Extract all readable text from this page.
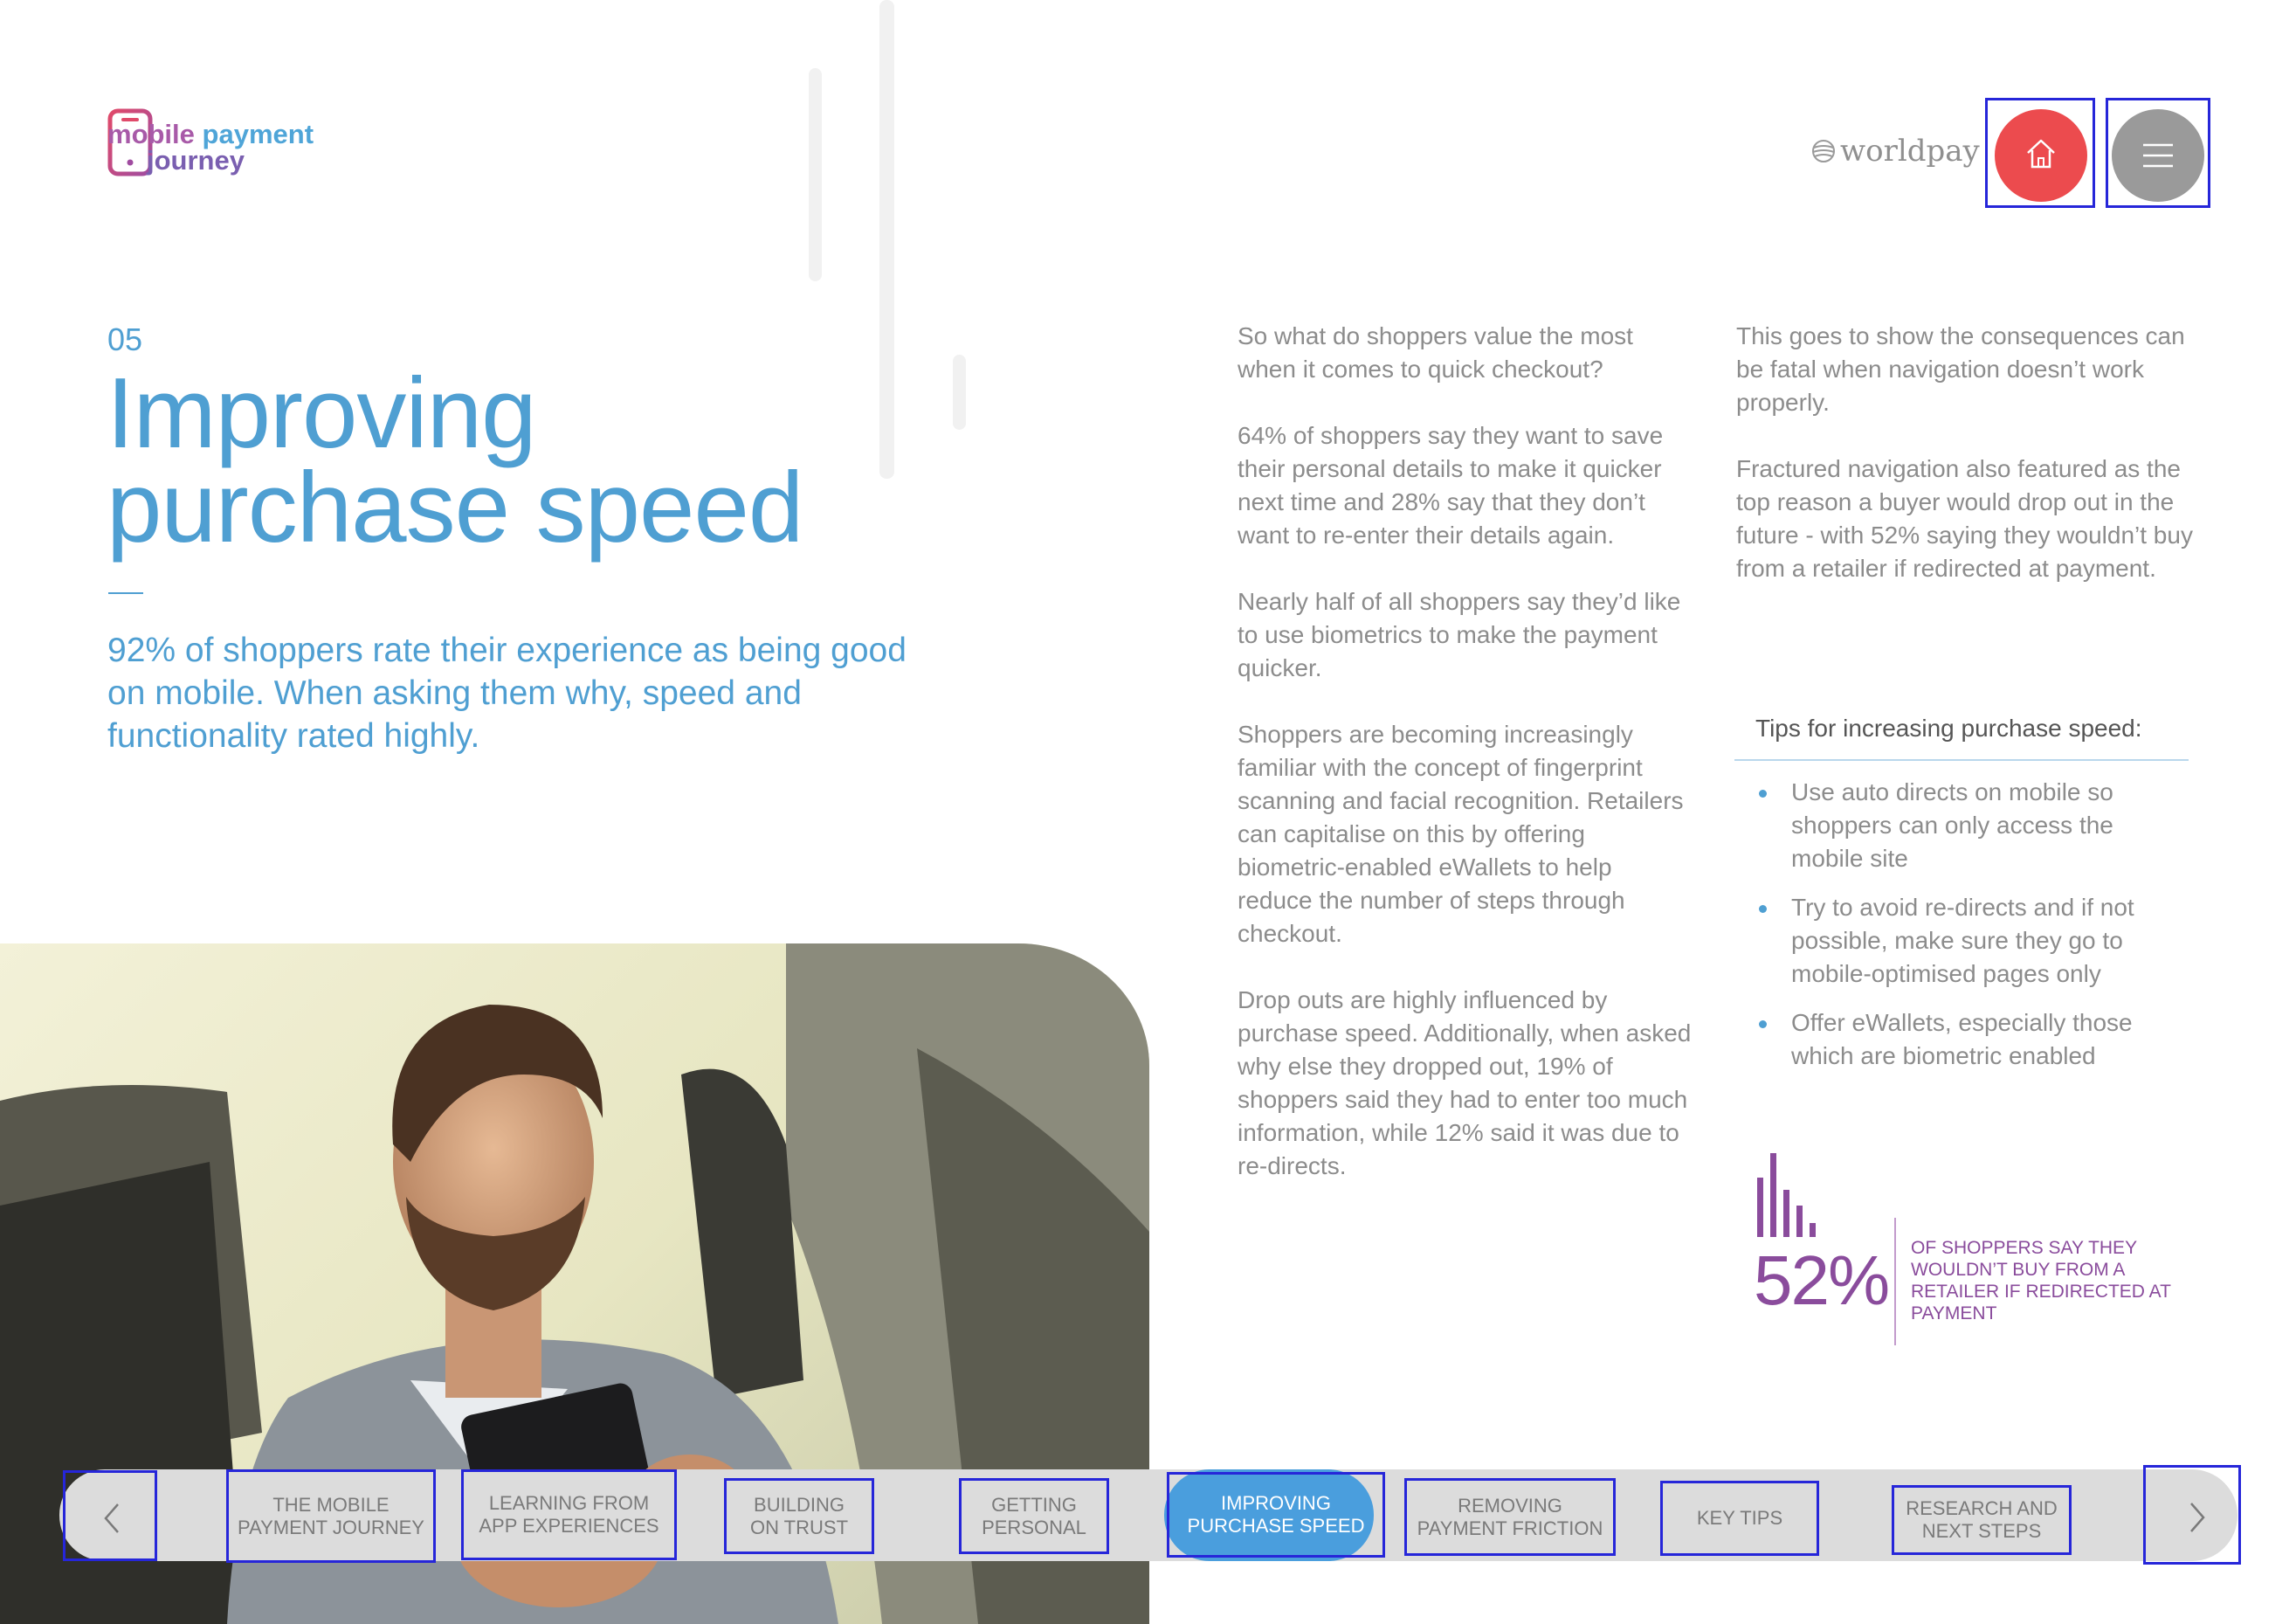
mobile payment
journey	worldpay
05
Improving
purchase speed
92% of shoppers rate their experience as being good on mobile. When asking them why, speed and functionality rated highly.

So what do shoppers value the most when it comes to quick checkout?

64% of shoppers say they want to save their personal details to make it quicker next time and 28% say that they don’t want to re-enter their details again.

Nearly half of all shoppers say they’d like to use biometrics to make the payment quicker.

Shoppers are becoming increasingly familiar with the concept of fingerprint scanning and facial recognition. Retailers can capitalise on this by offering biometric-enabled eWallets to help reduce the number of steps through checkout.

Drop outs are highly influenced by purchase speed. Additionally, when asked why else they dropped out, 19% of shoppers said they had to enter too much information, while 12% said it was due to re-directs.

This goes to show the consequences can be fatal when navigation doesn’t work properly.

Fractured navigation also featured as the top reason a buyer would drop out in the future - with 52% saying they wouldn’t buy from a retailer if redirected at payment.

Tips for increasing purchase speed:
Use auto directs on mobile so shoppers can only access the mobile site
Try to avoid re-directs and if not possible, make sure they go to mobile-optimised pages only
Offer eWallets, especially those which are biometric enabled
52% OF SHOPPERS SAY THEY WOULDN’T BUY FROM A RETAILER IF REDIRECTED AT PAYMENT
THE MOBILE
PAYMENT JOURNEY
LEARNING FROM
APP EXPERIENCES
BUILDING
ON TRUST
GETTING
PERSONAL
IMPROVING
PURCHASE SPEED
REMOVING
PAYMENT FRICTION	KEY TIPS	RESEARCH AND
NEXT STEPS
